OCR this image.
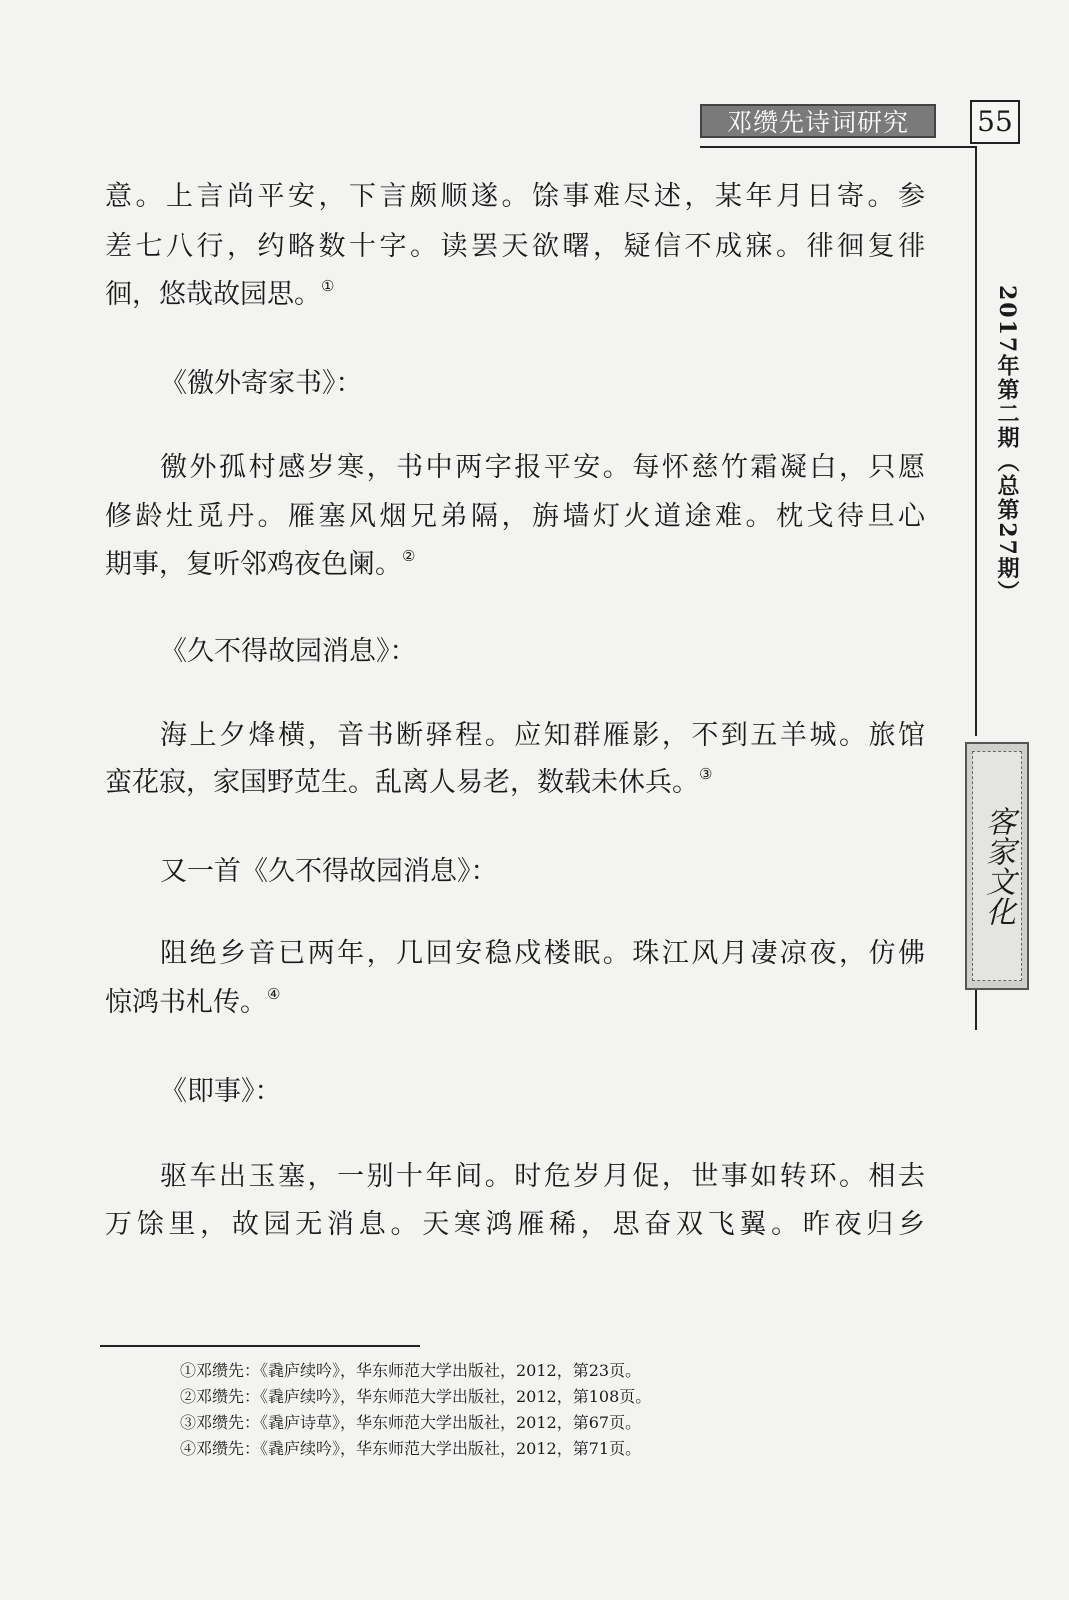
邓缵先诗词研究	55
2017年第二期（总第27期）
客家文化
意。上言尚平安，下言颇顺遂。馀事难尽述，某年月日寄。参
差七八行，约略数十字。读罢天欲曙，疑信不成寐。徘徊复徘
徊，悠哉故园思。①
《徼外寄家书》：
徼外孤村感岁寒，书中两字报平安。每怀慈竹霜凝白，只愿
修龄灶觅丹。雁塞风烟兄弟隔，旃墙灯火道途难。枕戈待旦心
期事，复听邻鸡夜色阑。②
《久不得故园消息》：
海上夕烽横，音书断驿程。应知群雁影，不到五羊城。旅馆
蛮花寂，家国野苋生。乱离人易老，数载未休兵。③
又一首《久不得故园消息》：
阻绝乡音已两年，几回安稳戍楼眠。珠江风月凄凉夜，仿佛
惊鸿书札传。④
《即事》：
驱车出玉塞，一别十年间。时危岁月促，世事如转环。相去
万馀里，故园无消息。天寒鸿雁稀，思奋双飞翼。昨夜归乡
①邓缵先：《毳庐续吟》，华东师范大学出版社，2012，第23页。
②邓缵先：《毳庐续吟》，华东师范大学出版社，2012，第108页。
③邓缵先：《毳庐诗草》，华东师范大学出版社，2012，第67页。
④邓缵先：《毳庐续吟》，华东师范大学出版社，2012，第71页。
